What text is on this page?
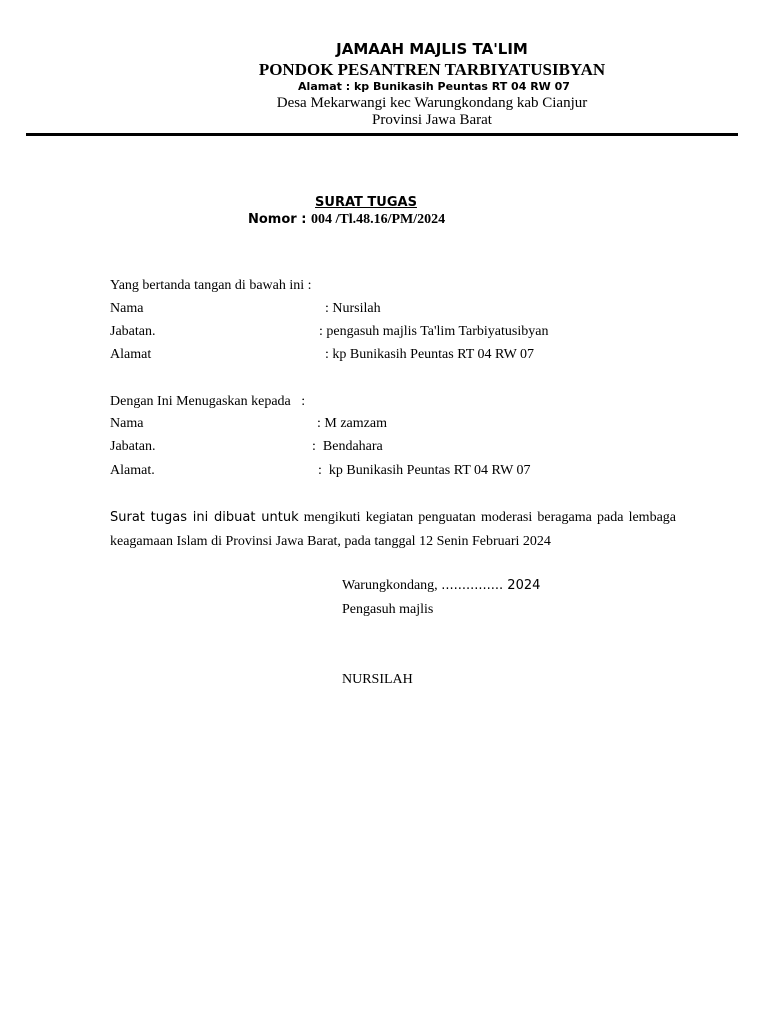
JAMAAH MAJLIS TA'LIM
PONDOK PESANTREN TARBIYATUSIBYAN
Alamat : kp Bunikasih Peuntas RT 04 RW 07
Desa Mekarwangi kec Warungkondang kab Cianjur
Provinsi Jawa Barat
SURAT TUGAS
Nomor : 004 /Tl.48.16/PM/2024
Yang bertanda tangan di bawah ini :
Nama	: Nursilah
Jabatan.	: pengasuh majlis Ta'lim Tarbiyatusibyan
Alamat	: kp Bunikasih Peuntas RT 04 RW 07
Dengan Ini Menugaskan kepada   :
Nama	: M zamzam
Jabatan.	:  Bendahara
Alamat.	:  kp Bunikasih Peuntas RT 04 RW 07
Surat tugas ini dibuat untuk mengikuti kegiatan penguatan moderasi beragama pada lembaga keagamaan Islam di Provinsi Jawa Barat, pada tanggal 12 Senin Februari 2024
Warungkondang, ............... 2024
Pengasuh majlis
NURSILAH
